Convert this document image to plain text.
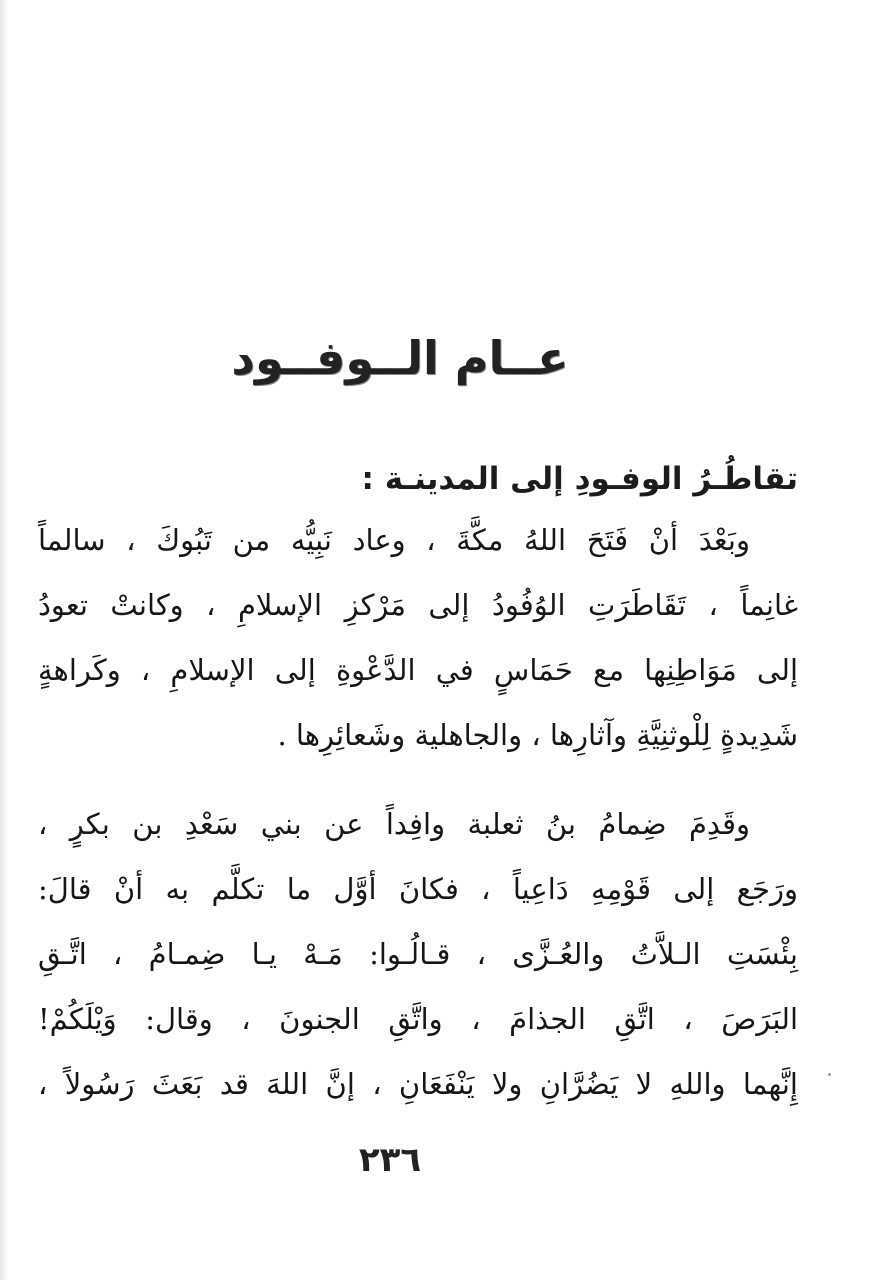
عــام الــوفــود
تقاطُـرُ الوفـودِ إلى المدينـة :
وبَعْدَ أنْ فَتَحَ اللهُ مكَّةَ ، وعاد نَبِيُّه من تَبُوكَ ، سالماً
غانِماً ، تَقَاطَرَتِ الوُفُودُ إلى مَرْكزِ الإسلامِ ، وكانتْ تعودُ
إلى مَوَاطِنِها مع حَمَاسٍ في الدَّعْوةِ إلى الإسلامِ ، وكَراهةٍ
شَدِيدةٍ لِلْوثنِيَّةِ وآثارِها ، والجاهلية وشَعائِرِها .
وقَدِمَ ضِمامُ بنُ ثعلبة وافِداً عن بني سَعْدِ بن بكرٍ ،
ورَجَع إلى قَوْمِهِ دَاعِياً ، فكانَ أوَّل ما تكلَّم به أنْ قالَ:
بِئْسَتِ الـلاَّتُ والعُـزَّى ، قـالُـوا: مَـهْ يـا ضِمـامُ ، اتَّـقِ
البَرَصَ ، اتَّقِ الجذامَ ، واتَّقِ الجنونَ ، وقال: وَيْلَكُمْ!
إِنَّهما واللهِ لا يَضُرَّانِ ولا يَنْفَعَانِ ، إنَّ اللهَ قد بَعَثَ رَسُولاً ،
٢٣٦
